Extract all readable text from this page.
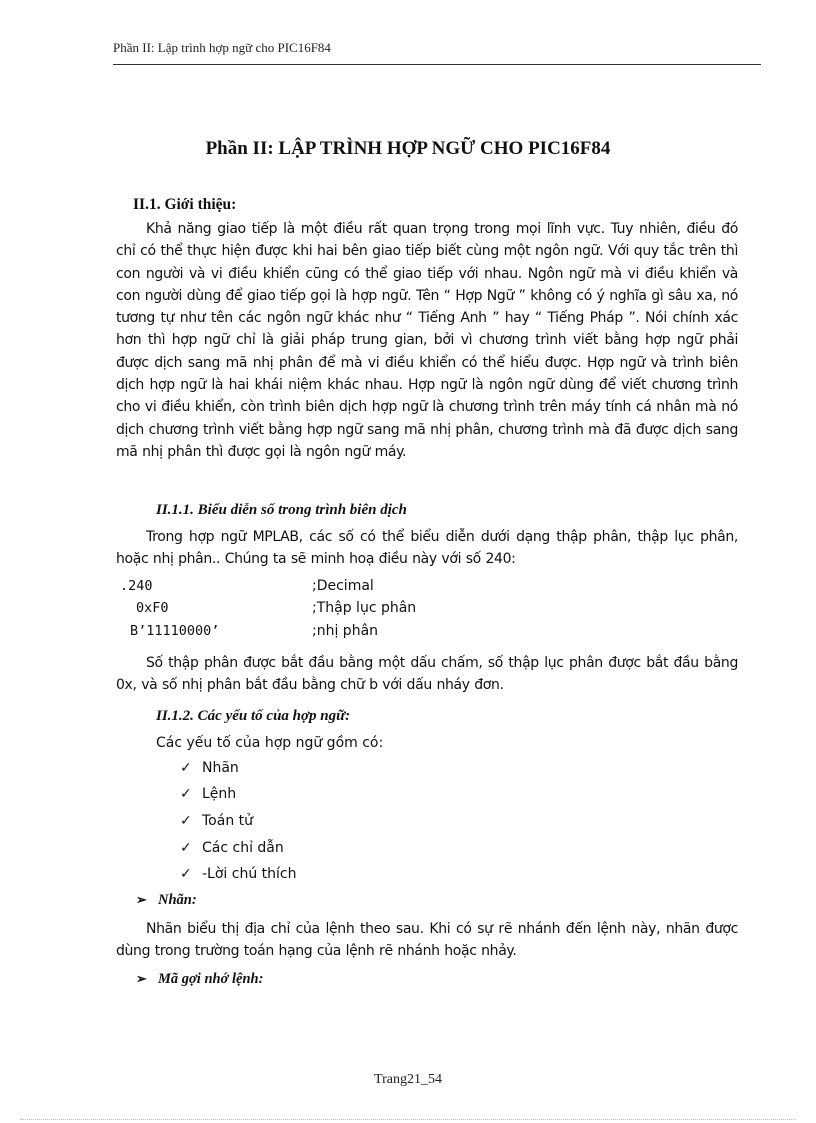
Phần II: Lập trình hợp ngữ cho PIC16F84
Phần II: LẬP TRÌNH HỢP NGỮ CHO PIC16F84
II.1. Giới thiệu:

Khả năng giao tiếp là một điều rất quan trọng trong mọi lĩnh vực. Tuy nhiên, điều đó chỉ có thể thực hiện được khi hai bên giao tiếp biết cùng một ngôn ngữ. Với quy tắc trên thì con người và vi điều khiển cũng có thể giao tiếp với nhau. Ngôn ngữ mà vi điều khiển và con người dùng để giao tiếp gọi là hợp ngữ. Tên “ Hợp Ngữ ” không có ý nghĩa gì sâu xa, nó tương tự như tên các ngôn ngữ khác như “ Tiếng Anh ” hay “ Tiếng Pháp ”. Nói chính xác hơn thì hợp ngữ chỉ là giải pháp trung gian, bởi vì chương trình viết bằng hợp ngữ phải được dịch sang mã nhị phân để mà vi điều khiển có thể hiểu được. Hợp ngữ và trình biên dịch hợp ngữ là hai khái niệm khác nhau. Hợp ngữ là ngôn ngữ dùng để viết chương trình cho vi điều khiển, còn trình biên dịch hợp ngữ là chương trình trên máy tính cá nhân mà nó dịch chương trình viết bằng hợp ngữ sang mã nhị phân, chương trình mà đã được dịch sang mã nhị phân thì được gọi là ngôn ngữ máy.

II.1.1. Biểu diễn số trong trình biên dịch

Trong hợp ngữ MPLAB, các số có thể biểu diễn dưới dạng thập phân, thập lục phân, hoặc nhị phân.. Chúng ta sẽ minh hoạ điều này với số 240:

.240	;Decimal
0xF0	;Thập lục phân
B’11110000’	;nhị phân

Số thập phân được bắt đầu bằng một dấu chấm, số thập lục phân được bắt đầu bằng 0x, và số nhị phân bắt đầu bằng chữ b với dấu nháy đơn.

II.1.2. Các yếu tố của hợp ngữ:
Các yếu tố của hợp ngữ gồm có:
✓ Nhãn
✓ Lệnh
✓ Toán tử
✓ Các chỉ dẫn
✓ -Lời chú thích
➢ Nhãn:

Nhãn biểu thị địa chỉ của lệnh theo sau. Khi có sự rẽ nhánh đến lệnh này, nhãn được dùng trong trường toán hạng của lệnh rẽ nhánh hoặc nhảy.

➢ Mã gợi nhớ lệnh:
Trang21_54
